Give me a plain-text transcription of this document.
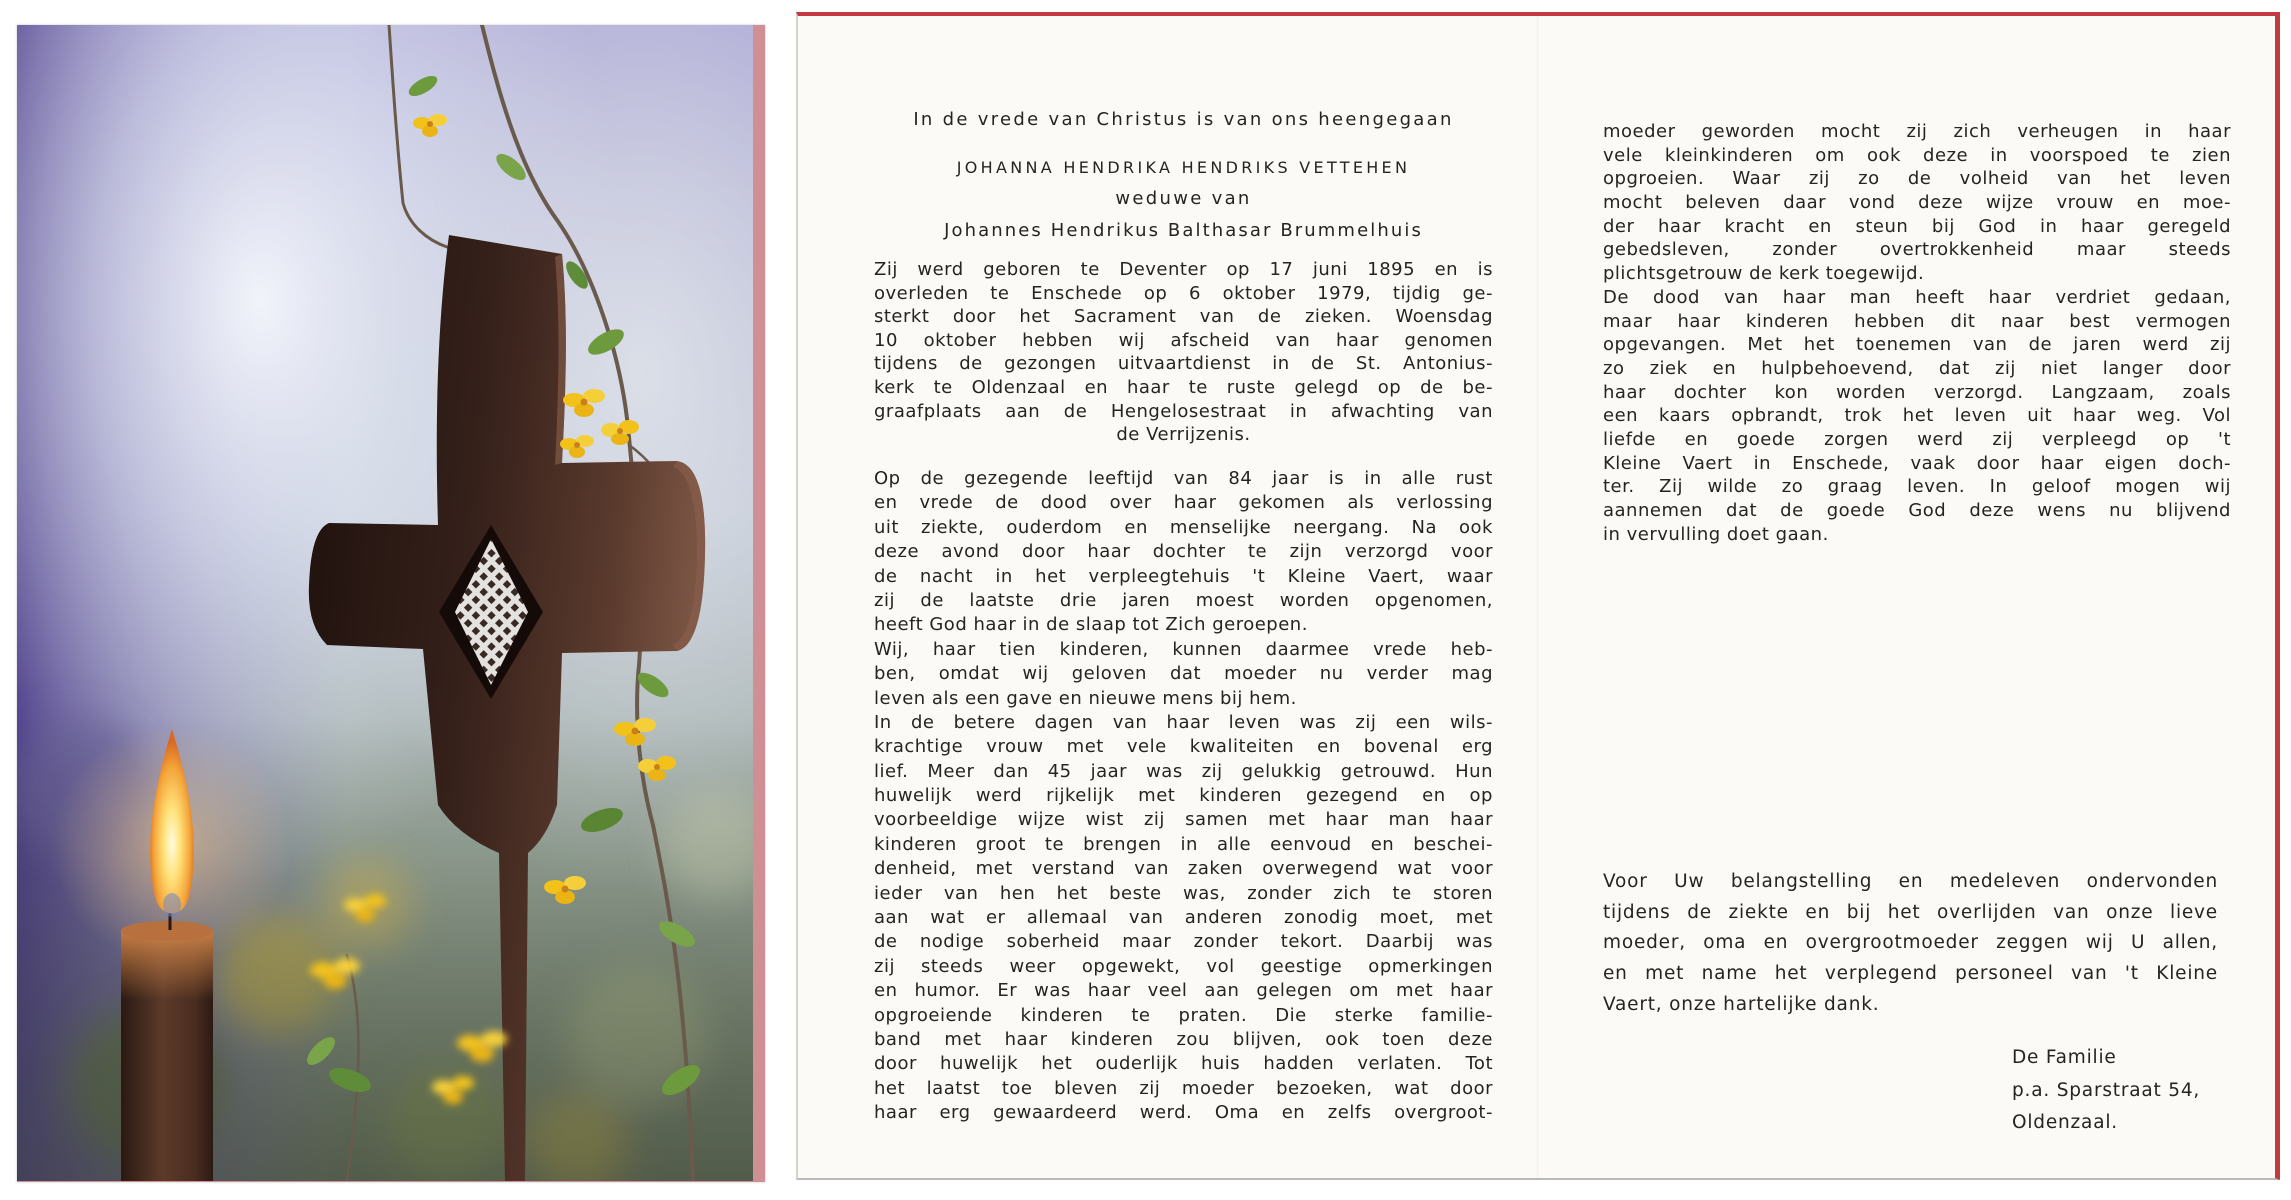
In de vrede van Christus is van ons heengegaan
JOHANNA HENDRIKA HENDRIKS VETTEHEN
weduwe van
Johannes Hendrikus Balthasar Brummelhuis
Zij werd geboren te Deventer op 17 juni 1895 en is
overleden te Enschede op 6 oktober 1979, tijdig ge-
sterkt door het Sacrament van de zieken. Woensdag
10 oktober hebben wij afscheid van haar genomen
tijdens de gezongen uitvaartdienst in de St. Antonius-
kerk te Oldenzaal en haar te ruste gelegd op de be-
graafplaats aan de Hengelosestraat in afwachting van
de Verrijzenis.
Op de gezegende leeftijd van 84 jaar is in alle rust
en vrede de dood over haar gekomen als verlossing
uit ziekte, ouderdom en menselijke neergang. Na ook
deze avond door haar dochter te zijn verzorgd voor
de nacht in het verpleegtehuis 't Kleine Vaert, waar
zij de laatste drie jaren moest worden opgenomen,
heeft God haar in de slaap tot Zich geroepen.
Wij, haar tien kinderen, kunnen daarmee vrede heb-
ben, omdat wij geloven dat moeder nu verder mag
leven als een gave en nieuwe mens bij hem.
In de betere dagen van haar leven was zij een wils-
krachtige vrouw met vele kwaliteiten en bovenal erg
lief. Meer dan 45 jaar was zij gelukkig getrouwd. Hun
huwelijk werd rijkelijk met kinderen gezegend en op
voorbeeldige wijze wist zij samen met haar man haar
kinderen groot te brengen in alle eenvoud en beschei-
denheid, met verstand van zaken overwegend wat voor
ieder van hen het beste was, zonder zich te storen
aan wat er allemaal van anderen zonodig moet, met
de nodige soberheid maar zonder tekort. Daarbij was
zij steeds weer opgewekt, vol geestige opmerkingen
en humor. Er was haar veel aan gelegen om met haar
opgroeiende kinderen te praten. Die sterke familie-
band met haar kinderen zou blijven, ook toen deze
door huwelijk het ouderlijk huis hadden verlaten. Tot
het laatst toe bleven zij moeder bezoeken, wat door
haar erg gewaardeerd werd. Oma en zelfs overgroot-
moeder geworden mocht zij zich verheugen in haar
vele kleinkinderen om ook deze in voorspoed te zien
opgroeien. Waar zij zo de volheid van het leven
mocht beleven daar vond deze wijze vrouw en moe-
der haar kracht en steun bij God in haar geregeld
gebedsleven, zonder overtrokkenheid maar steeds
plichtsgetrouw de kerk toegewijd.
De dood van haar man heeft haar verdriet gedaan,
maar haar kinderen hebben dit naar best vermogen
opgevangen. Met het toenemen van de jaren werd zij
zo ziek en hulpbehoevend, dat zij niet langer door
haar dochter kon worden verzorgd. Langzaam, zoals
een kaars opbrandt, trok het leven uit haar weg. Vol
liefde en goede zorgen werd zij verpleegd op 't
Kleine Vaert in Enschede, vaak door haar eigen doch-
ter. Zij wilde zo graag leven. In geloof mogen wij
aannemen dat de goede God deze wens nu blijvend
in vervulling doet gaan.
Voor Uw belangstelling en medeleven ondervonden
tijdens de ziekte en bij het overlijden van onze lieve
moeder, oma en overgrootmoeder zeggen wij U allen,
en met name het verplegend personeel van 't Kleine
Vaert, onze hartelijke dank.
De Familie
p.a. Sparstraat 54,
Oldenzaal.
